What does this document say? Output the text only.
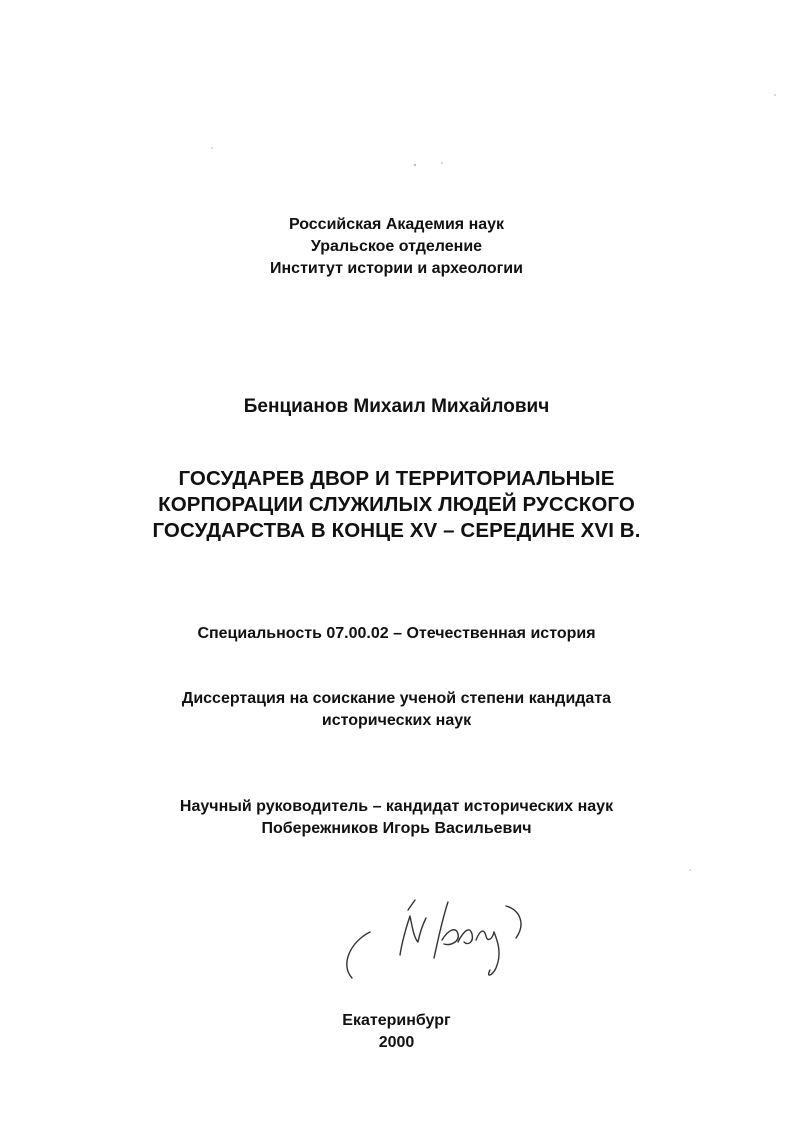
Российская Академия наук
Уральское отделение
Институт истории и археологии
Бенцианов Михаил Михайлович
ГОСУДАРЕВ ДВОР И ТЕРРИТОРИАЛЬНЫЕ
КОРПОРАЦИИ СЛУЖИЛЫХ ЛЮДЕЙ РУССКОГО
ГОСУДАРСТВА В КОНЦЕ XV – СЕРЕДИНЕ XVI В.
Специальность 07.00.02 – Отечественная история
Диссертация на соискание ученой степени кандидата
исторических наук
Научный руководитель – кандидат исторических наук
Побережников Игорь Васильевич
Екатеринбург
2000
